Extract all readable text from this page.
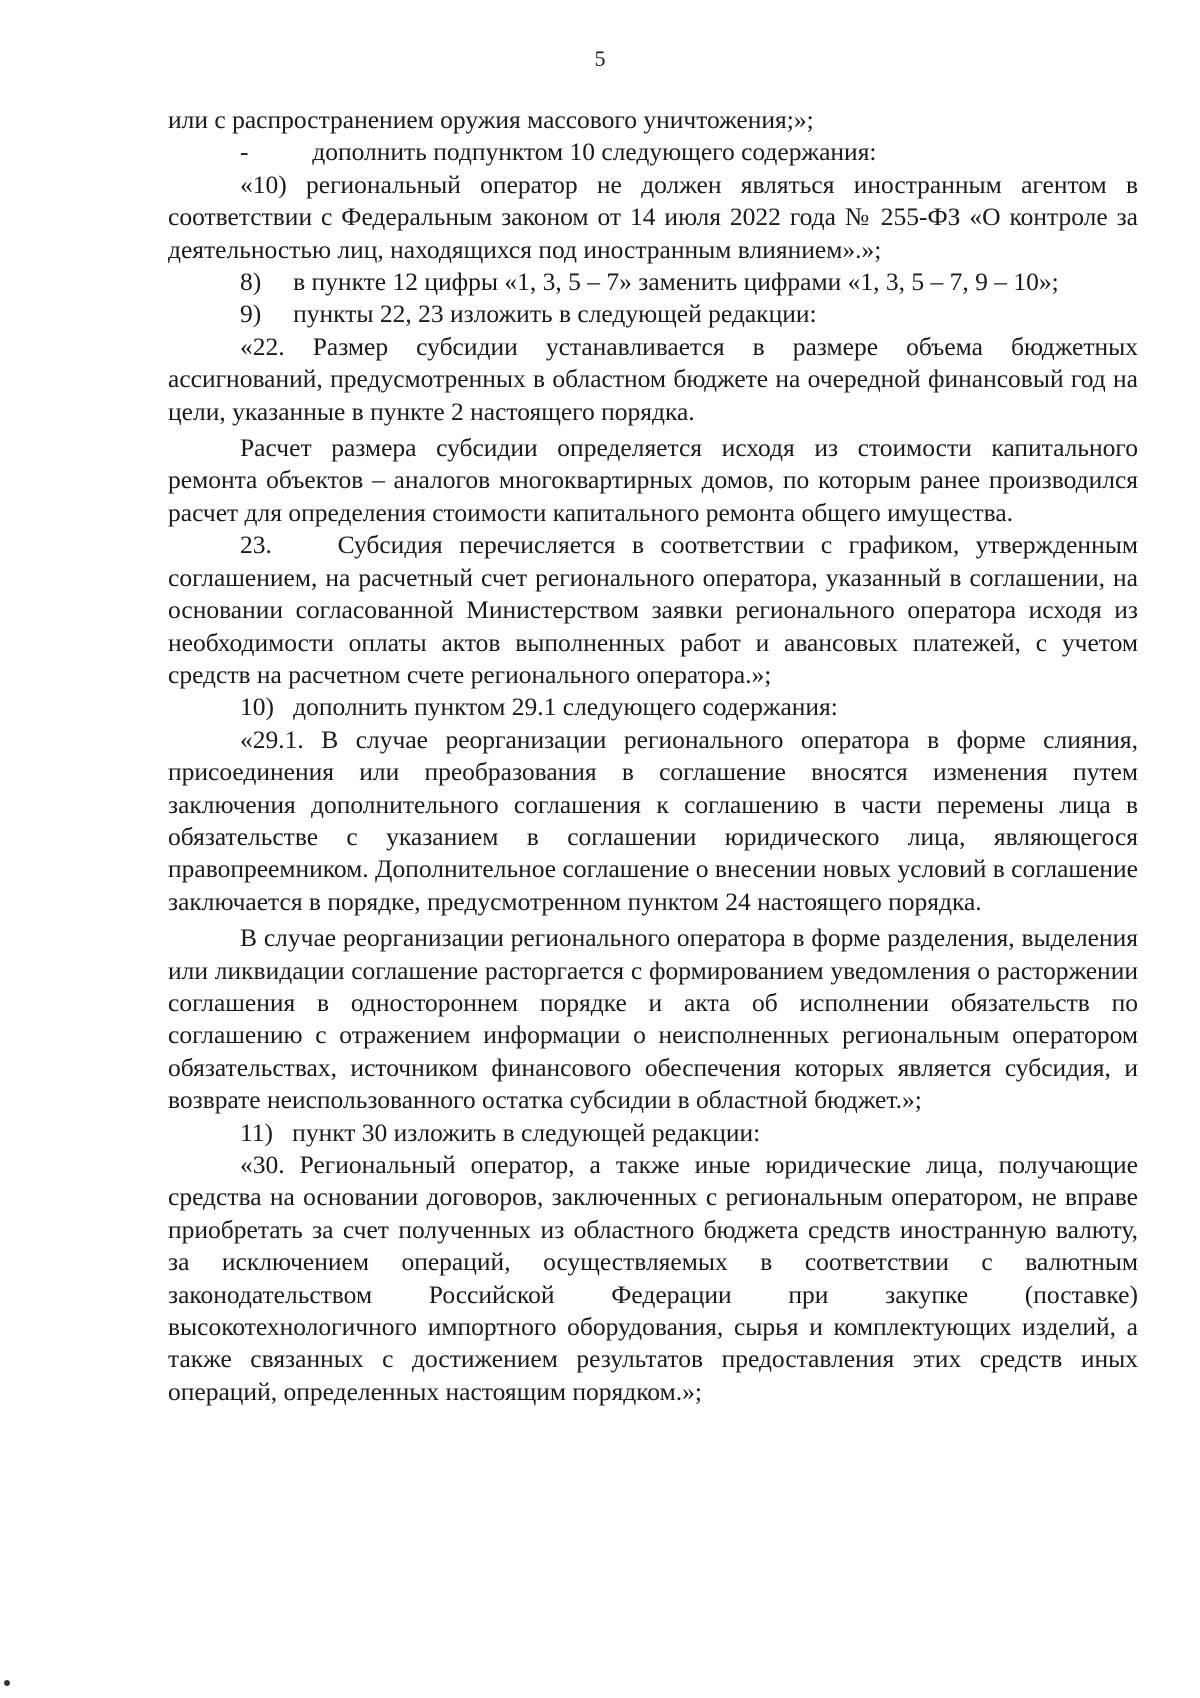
5

или с распространением оружия массового уничтожения;»;

-          дополнить подпунктом 10 следующего содержания:

«10) региональный оператор не должен являться иностранным агентом в соответствии с Федеральным законом от 14 июля 2022 года № 255-ФЗ «О контроле за деятельностью лиц, находящихся под иностранным влиянием».»;

8)     в пункте 12 цифры «1, 3, 5 – 7» заменить цифрами «1, 3, 5 – 7, 9 – 10»;

9)     пункты 22, 23 изложить в следующей редакции:

«22. Размер субсидии устанавливается в размере объема бюджетных ассигнований, предусмотренных в областном бюджете на очередной финансовый год на цели, указанные в пункте 2 настоящего порядка.

Расчет размера субсидии определяется исходя из стоимости капитального ремонта объектов – аналогов многоквартирных домов, по которым ранее производился расчет для определения стоимости капитального ремонта общего имущества.

23.    Субсидия перечисляется в соответствии с графиком, утвержденным соглашением, на расчетный счет регионального оператора, указанный в соглашении, на основании согласованной Министерством заявки регионального оператора исходя из необходимости оплаты актов выполненных работ и авансовых платежей, с учетом средств на расчетном счете регионального оператора.»;

10)   дополнить пунктом 29.1 следующего содержания:

«29.1. В случае реорганизации регионального оператора в форме слияния, присоединения или преобразования в соглашение вносятся изменения путем заключения дополнительного соглашения к соглашению в части перемены лица в обязательстве с указанием в соглашении юридического лица, являющегося правопреемником. Дополнительное соглашение о внесении новых условий в соглашение заключается в порядке, предусмотренном пунктом 24 настоящего порядка.

В случае реорганизации регионального оператора в форме разделения, выделения или ликвидации соглашение расторгается с формированием уведомления о расторжении соглашения в одностороннем порядке и акта об исполнении обязательств по соглашению с отражением информации о неисполненных региональным оператором обязательствах, источником финансового обеспечения которых является субсидия, и возврате неиспользованного остатка субсидии в областной бюджет.»;

11)   пункт 30 изложить в следующей редакции:

«30. Региональный оператор, а также иные юридические лица, получающие средства на основании договоров, заключенных с региональным оператором, не вправе приобретать за счет полученных из областного бюджета средств иностранную валюту, за исключением операций, осуществляемых в соответствии с валютным законодательством Российской Федерации при закупке (поставке) высокотехнологичного импортного оборудования, сырья и комплектующих изделий, а также связанных с достижением результатов предоставления этих средств иных операций, определенных настоящим порядком.»;
